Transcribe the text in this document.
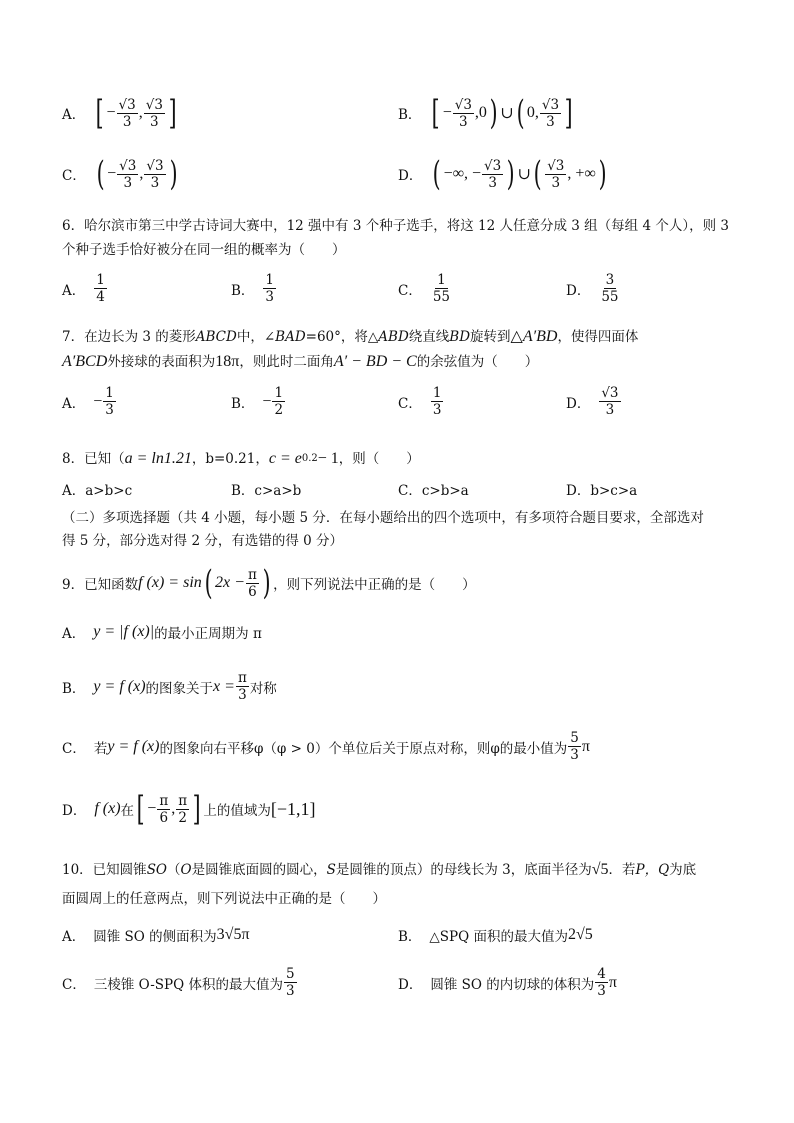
A． [ − $\frac{√3}{3}$ , $\frac{√3}{3}$ ]	B． [ − $\frac{√3}{3} ,0$ ) ∪ ( 0, $\frac{√3}{3}$ ]
C． ( − $\frac{√3}{3}$ , $\frac{√3}{3}$ )	D． ( −∞, − $\frac{√3}{3}$ ) ∪ ( $\frac{√3}{3}$ , +∞ )
6．哈尔滨市第三中学古诗词大赛中，12 强中有 3 个种子选手，将这 12 人任意分成 3 组（每组 4 个人），则 3
个种子选手恰好被分在同一组的概率为（　　）
A． $\frac{1}{4}$	B． $\frac{1}{3}$	C． $\frac{1}{55}$	D． $\frac{3}{55}$
7．在边长为 3 的菱形 ABCD 中，∠ BAD =60°，将△ ABD 绕直线 BD 旋转到 △A′BD ，使得四面体
A′BCD 外接球的表面积为 18π ，则此时二面角 A′ − BD − C 的余弦值为（　　）
A． − $\frac{1}{3}$	B． − $\frac{1}{2}$	C． $\frac{1}{3}$	D． $\frac{√3}{3}$
8．已知（ a = ln1.21 ，b=0.21， c = e 0.2 − 1 ，则（　　）
A．a>b>c	B．c>a>b	C．c>b>a	D．b>c>a
（二）多项选择题（共 4 小题，每小题 5 分．在每小题给出的四个选项中，有多项符合题目要求，全部选对
得 5 分，部分选对得 2 分，有选错的得 0 分）
9．已知函数 f (x) = sin ( $2x - \frac{\pi}{6}$ ) ，则下列说法中正确的是（　　）
A． y = |f (x)| 的最小正周期为 π
B． y = f (x) 的图象关于 $x = \frac{\pi}{3}$ 对称
C． 若 y = f (x) 的图象向右平移φ（φ > 0）个单位后关于原点对称，则φ的最小值为 $\frac{5}{3}$ π
D． f (x) 在 [ − $\frac{\pi}{6}$ , $\frac{\pi}{2}$ ] 上的值域为 [−1,1]
10．已知圆锥 SO （ O 是圆锥底面圆的圆心， S 是圆锥的顶点）的母线长为 3，底面半径为 √5 ．若 P，Q 为底
面圆周上的任意两点，则下列说法中正确的是（　　）
A． 圆锥 SO 的侧面积为 3√5π	B． △SPQ 面积的最大值为 2√5
C． 三棱锥 O-SPQ 体积的最大值为 $\frac{5}{3}$	D． 圆锥 SO 的内切球的体积为 $\frac{4}{3}$ π
